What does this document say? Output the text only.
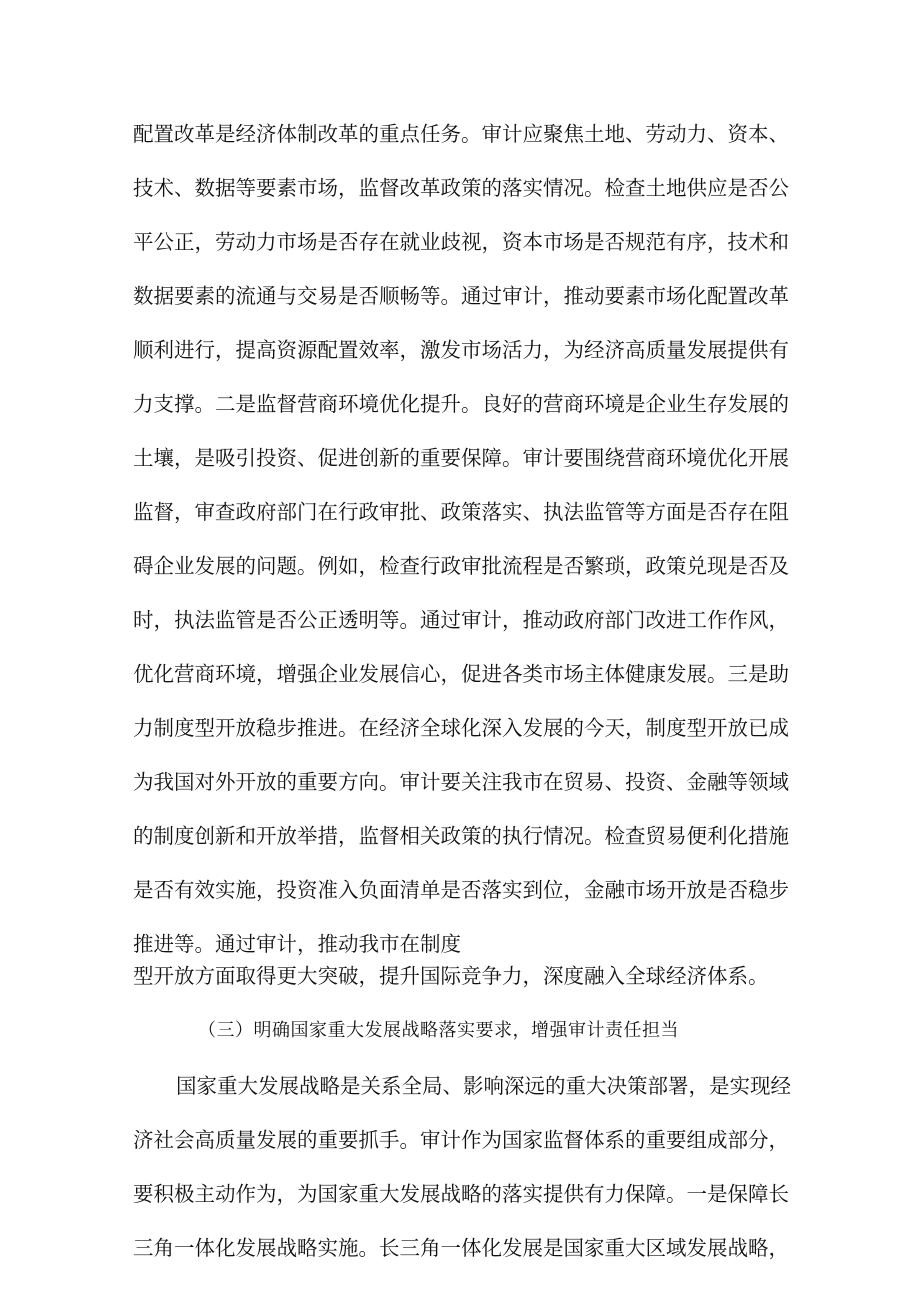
配置改革是经济体制改革的重点任务。审计应聚焦土地、劳动力、资本、
技术、数据等要素市场，监督改革政策的落实情况。检查土地供应是否公
平公正，劳动力市场是否存在就业歧视，资本市场是否规范有序，技术和
数据要素的流通与交易是否顺畅等。通过审计，推动要素市场化配置改革
顺利进行，提高资源配置效率，激发市场活力，为经济高质量发展提供有
力支撑。二是监督营商环境优化提升。良好的营商环境是企业生存发展的
土壤，是吸引投资、促进创新的重要保障。审计要围绕营商环境优化开展
监督，审查政府部门在行政审批、政策落实、执法监管等方面是否存在阻
碍企业发展的问题。例如，检查行政审批流程是否繁琐，政策兑现是否及
时，执法监管是否公正透明等。通过审计，推动政府部门改进工作作风，
优化营商环境，增强企业发展信心，促进各类市场主体健康发展。三是助
力制度型开放稳步推进。在经济全球化深入发展的今天，制度型开放已成
为我国对外开放的重要方向。审计要关注我市在贸易、投资、金融等领域
的制度创新和开放举措，监督相关政策的执行情况。检查贸易便利化措施
是否有效实施，投资准入负面清单是否落实到位，金融市场开放是否稳步
推进等。通过审计，推动我市在制度
型开放方面取得更大突破，提升国际竞争力，深度融入全球经济体系。
（三）明确国家重大发展战略落实要求，增强审计责任担当
国家重大发展战略是关系全局、影响深远的重大决策部署，是实现经
济社会高质量发展的重要抓手。审计作为国家监督体系的重要组成部分，
要积极主动作为，为国家重大发展战略的落实提供有力保障。一是保障长
三角一体化发展战略实施。长三角一体化发展是国家重大区域发展战略，
